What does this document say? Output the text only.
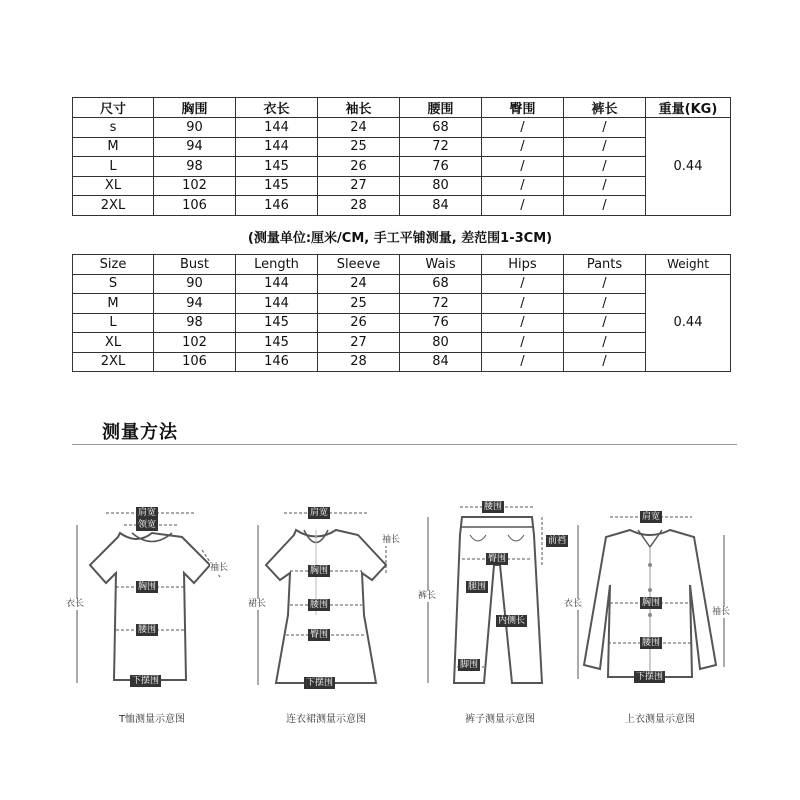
尺寸	胸围	衣长	袖长	腰围	臀围	裤长	重量(KG)
s	90	144	24	68	/	/	0.44
M	94	144	25	72	/	/	
L	98	145	26	76	/	/	
XL	102	145	27	80	/	/	
2XL	106	146	28	84	/	/	
(测量单位:厘米/CM, 手工平铺测量, 差范围1-3CM)
Size	Bust	Length	Sleeve	Wais	Hips	Pants	Weight
S	90	144	24	68	/	/	0.44
M	94	144	25	72	/	/	
L	98	145	26	76	/	/	
XL	102	145	27	80	/	/	
2XL	106	146	28	84	/	/	
测量方法
肩宽
领宽
袖长
衣长
胸围
腰围
下摆围
T恤测量示意图
肩宽
袖长
裙长
胸围
腰围
臀围
下摆围
连衣裙测量示意图
腰围
前裆
裤长
臀围
腿围
内侧长
脚围
裤子测量示意图
肩宽
衣长
袖长
胸围
腰围
下摆围
上衣测量示意图
